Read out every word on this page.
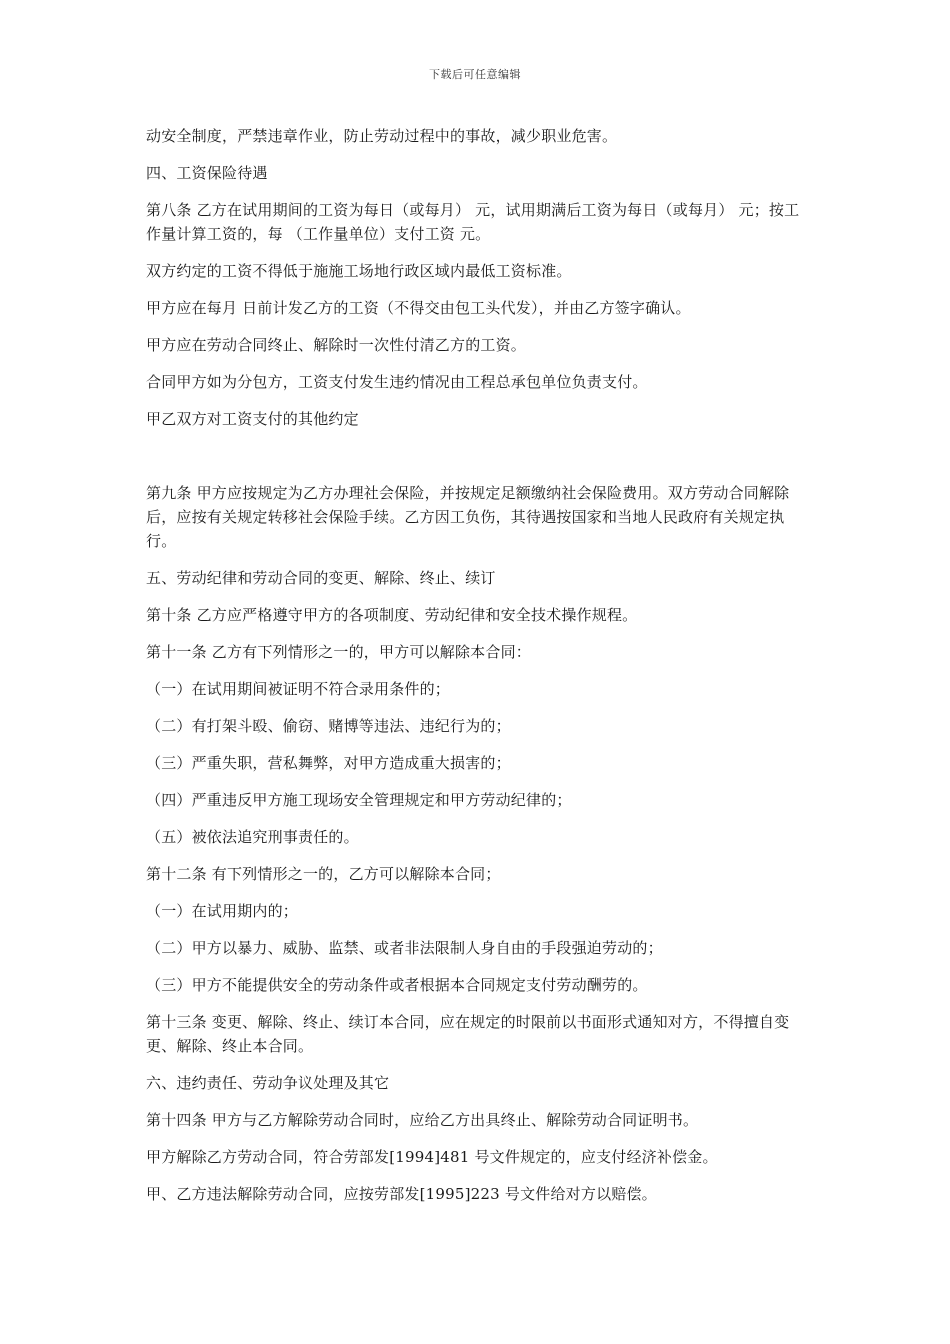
下载后可任意编辑

动安全制度，严禁违章作业，防止劳动过程中的事故，减少职业危害。

四、工资保险待遇

第八条 乙方在试用期间的工资为每日（或每月） 元，试用期满后工资为每日（或每月） 元；按工作量计算工资的，每 （工作量单位）支付工资 元。

双方约定的工资不得低于施施工场地行政区域内最低工资标准。

甲方应在每月 日前计发乙方的工资（不得交由包工头代发），并由乙方签字确认。

甲方应在劳动合同终止、解除时一次性付清乙方的工资。

合同甲方如为分包方，工资支付发生违约情况由工程总承包单位负责支付。

甲乙双方对工资支付的其他约定

第九条 甲方应按规定为乙方办理社会保险，并按规定足额缴纳社会保险费用。双方劳动合同解除后，应按有关规定转移社会保险手续。乙方因工负伤，其待遇按国家和当地人民政府有关规定执行。

五、劳动纪律和劳动合同的变更、解除、终止、续订

第十条 乙方应严格遵守甲方的各项制度、劳动纪律和安全技术操作规程。

第十一条 乙方有下列情形之一的，甲方可以解除本合同：

（一）在试用期间被证明不符合录用条件的；

（二）有打架斗殴、偷窃、赌博等违法、违纪行为的；

（三）严重失职，营私舞弊，对甲方造成重大损害的；

（四）严重违反甲方施工现场安全管理规定和甲方劳动纪律的；

（五）被依法追究刑事责任的。

第十二条 有下列情形之一的，乙方可以解除本合同；

（一）在试用期内的；

（二）甲方以暴力、威胁、监禁、或者非法限制人身自由的手段强迫劳动的；

（三）甲方不能提供安全的劳动条件或者根据本合同规定支付劳动酬劳的。

第十三条 变更、解除、终止、续订本合同，应在规定的时限前以书面形式通知对方，不得擅自变更、解除、终止本合同。

六、违约责任、劳动争议处理及其它

第十四条 甲方与乙方解除劳动合同时，应给乙方出具终止、解除劳动合同证明书。

甲方解除乙方劳动合同，符合劳部发[1994]481 号文件规定的，应支付经济补偿金。

甲、乙方违法解除劳动合同，应按劳部发[1995]223 号文件给对方以赔偿。
